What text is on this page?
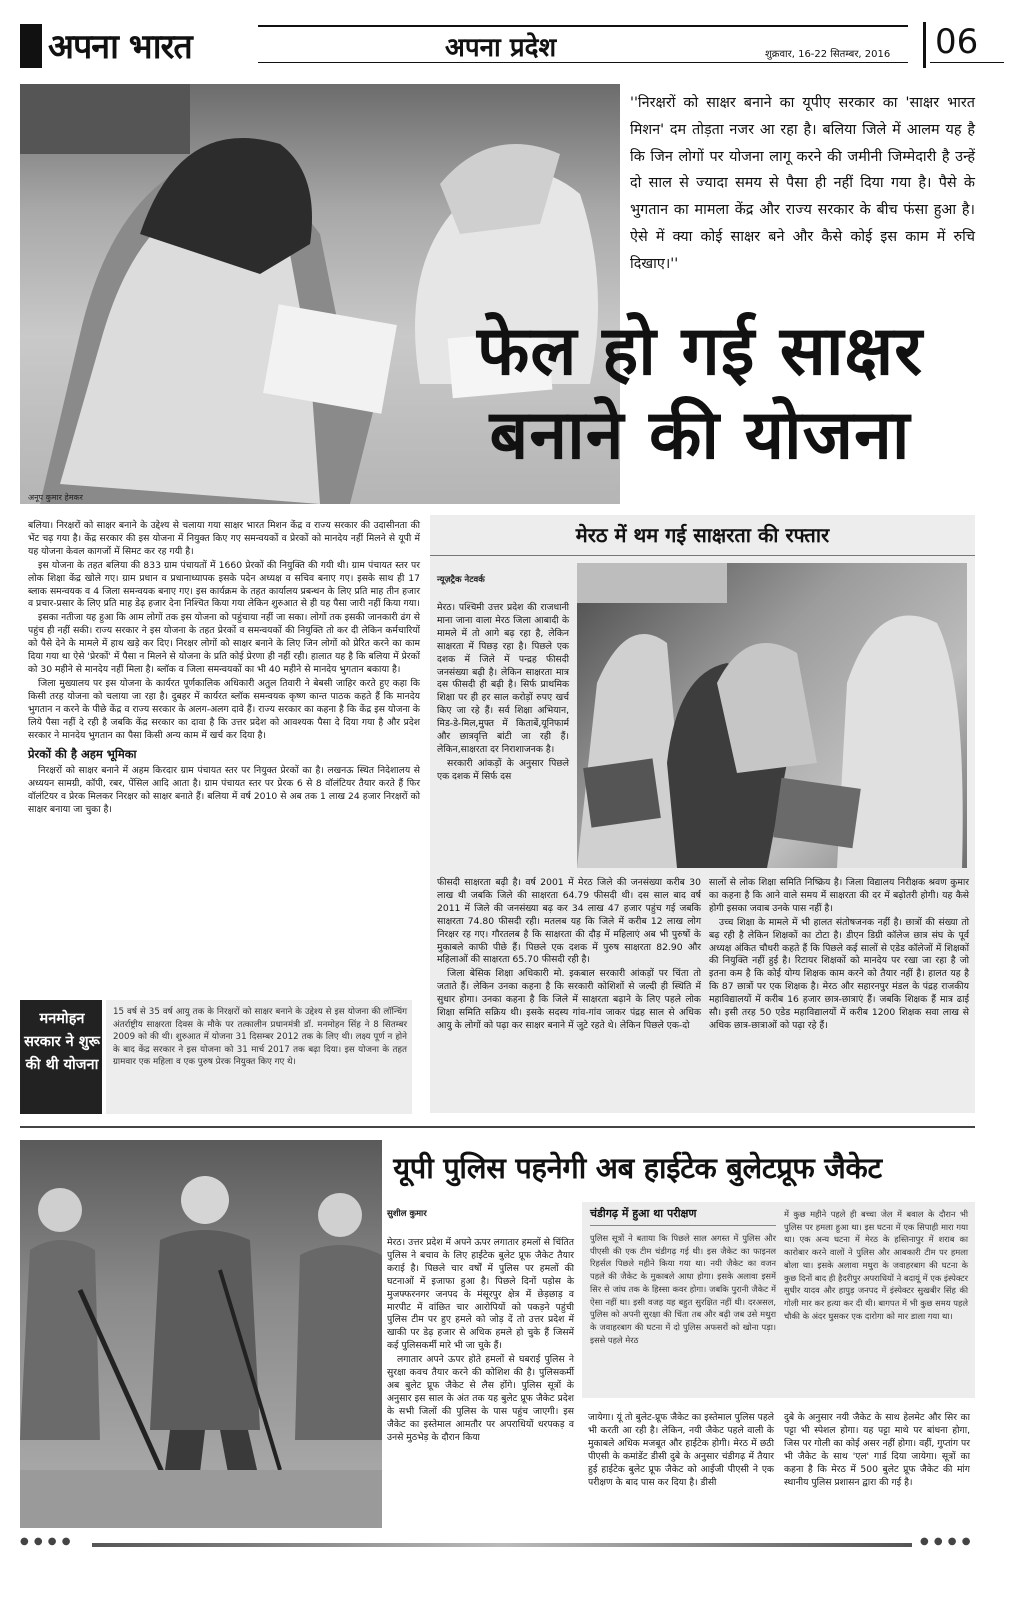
अपना भारत	अपना प्रदेश	शुक्रवार, 16-22 सितम्बर, 2016 06
अनूप कुमार हेमकर
''निरक्षरों को साक्षर बनाने का यूपीए सरकार का 'साक्षर भारत मिशन' दम तोड़ता नजर आ रहा है। बलिया जिले में आलम यह है कि जिन लोगों पर योजना लागू करने की जमीनी जिम्मेदारी है उन्हें दो साल से ज्यादा समय से पैसा ही नहीं दिया गया है। पैसे के भुगतान का मामला केंद्र और राज्य सरकार के बीच फंसा हुआ है। ऐसे में क्या कोई साक्षर बने और कैसे कोई इस काम में रुचि दिखाए।''
फेल हो गई साक्षर
बनाने की योजना

बलिया। निरक्षरों को साक्षर बनाने के उद्देश्य से चलाया गया साक्षर भारत मिशन केंद्र व राज्य सरकार की उदासीनता की भेंट चढ़ गया है। केंद्र सरकार की इस योजना में नियुक्त किए गए समन्वयकों व प्रेरकों को मानदेय नहीं मिलने से यूपी में यह योजना केवल कागजों में सिमट कर रह गयी है।

इस योजना के तहत बलिया की 833 ग्राम पंचायतों में 1660 प्रेरकों की नियुक्ति की गयी थी। ग्राम पंचायत स्तर पर लोक शिक्षा केंद्र खोले गए। ग्राम प्रधान व प्रधानाध्यापक इसके पदेन अध्यक्ष व सचिव बनाए गए। इसके साथ ही 17 ब्लाक समन्वयक व 4 जिला समन्वयक बनाए गए। इस कार्यक्रम के तहत कार्यालय प्रबन्धन के लिए प्रति माह तीन हजार व प्रचार-प्रसार के लिए प्रति माह डेढ़ हजार देना निश्चित किया गया लेकिन शुरुआत से ही यह पैसा जारी नहीं किया गया।

इसका नतीजा यह हुआ कि आम लोगों तक इस योजना को पहुंचाया नहीं जा सका। लोगों तक इसकी जानकारी ढंग से पहुंच ही नहीं सकी। राज्य सरकार ने इस योजना के तहत प्रेरकों व समन्वयकों की नियुक्ति तो कर दी लेकिन कर्मचारियों को पैसे देने के मामले में हाथ खड़े कर दिए। निरक्षर लोगों को साक्षर बनाने के लिए जिन लोगों को प्रेरित करने का काम दिया गया था ऐसे 'प्रेरकों' में पैसा न मिलने से योजना के प्रति कोई प्रेरणा ही नहीं रही। हालात यह है कि बलिया में प्रेरकों को 30 महीने से मानदेय नहीं मिला है। ब्लॉक व जिला समन्वयकों का भी 40 महीने से मानदेय भुगतान बकाया है।

जिला मुख्यालय पर इस योजना के कार्यरत पूर्णकालिक अधिकारी अतुल तिवारी ने बेबसी जाहिर करते हुए कहा कि किसी तरह योजना को चलाया जा रहा है। दुबहर में कार्यरत ब्लॉक समन्वयक कृष्ण कान्त पाठक कहते हैं कि मानदेय भुगतान न करने के पीछे केंद्र व राज्य सरकार के अलग-अलग दावे हैं। राज्य सरकार का कहना है कि केंद्र इस योजना के लिये पैसा नहीं दे रही है जबकि केंद्र सरकार का दावा है कि उत्तर प्रदेश को आवश्यक पैसा दे दिया गया है और प्रदेश सरकार ने मानदेय भुगतान का पैसा किसी अन्य काम में खर्च कर दिया है।

प्रेरकों की है अहम भूमिका

निरक्षरों को साक्षर बनाने में अहम किरदार ग्राम पंचायत स्तर पर नियुक्त प्रेरकों का है। लखनऊ स्थित निदेशालय से अध्ययन सामग्री, कॉपी, रबर, पेंसिल आदि आता है। ग्राम पंचायत स्तर पर प्रेरक 6 से 8 वॉलंटियर तैयार करते हैं फिर वॉलंटियर व प्रेरक मिलकर निरक्षर को साक्षर बनाते हैं। बलिया में वर्ष 2010 से अब तक 1 लाख 24 हजार निरक्षरों को साक्षर बनाया जा चुका है।

मनमोहन सरकार ने शुरू की थी योजना
15 वर्ष से 35 वर्ष आयु तक के निरक्षरों को साक्षर बनाने के उद्देश्य से इस योजना की लॉन्चिंग अंतर्राष्ट्रीय साक्षरता दिवस के मौके पर तत्कालीन प्रधानमंत्री डॉ. मनमोहन सिंह ने 8 सितम्बर 2009 को की थी। शुरुआत में योजना 31 दिसम्बर 2012 तक के लिए थी। लक्ष्य पूर्ण न होने के बाद केंद्र सरकार ने इस योजना को 31 मार्च 2017 तक बढ़ा दिया। इस योजना के तहत ग्रामवार एक महिला व एक पुरुष प्रेरक नियुक्त किए गए थे।
मेरठ में थम गई साक्षरता की रफ्तार
न्यूज़ट्रैक नेटवर्क

मेरठ। पश्चिमी उत्तर प्रदेश की राजधानी माना जाना वाला मेरठ जिला आबादी के मामले में तो आगे बढ़ रहा है, लेकिन साक्षरता में पिछड़ रहा है। पिछले एक दशक में जिले में पन्द्रह फीसदी जनसंख्या बढ़ी है। लेकिन साक्षरता मात्र दस फीसदी ही बढ़ी है। सिर्फ प्राथमिक शिक्षा पर ही हर साल करोड़ों रुपए खर्च किए जा रहे हैं। सर्व शिक्षा अभियान, मिड-डे-मिल,मुफ्त में किताबें,यूनिफार्म और छात्रवृत्ति बांटी जा रही हैं। लेकिन,साक्षरता दर निराशाजनक है।

सरकारी आंकड़ों के अनुसार पिछले एक दशक में सिर्फ दस

फीसदी साक्षरता बढ़ी है। वर्ष 2001 में मेरठ जिले की जनसंख्या करीब 30 लाख थी जबकि जिले की साक्षरता 64.79 फीसदी थी। दस साल बाद वर्ष 2011 में जिले की जनसंख्या बढ़ कर 34 लाख 47 हजार पहुंच गई जबकि साक्षरता 74.80 फीसदी रही। मतलब यह कि जिले में करीब 12 लाख लोग निरक्षर रह गए। गौरतलब है कि साक्षरता की दौड़ में महिलाएं अब भी पुरुषों के मुकाबले काफी पीछे हैं। पिछले एक दशक में पुरुष साक्षरता 82.90 और महिलाओं की साक्षरता 65.70 फीसदी रही है।

जिला बेसिक शिक्षा अधिकारी मो. इकबाल सरकारी आंकड़ों पर चिंता तो जताते हैं। लेकिन उनका कहना है कि सरकारी कोशिशों से जल्दी ही स्थिति में सुधार होगा। उनका कहना है कि जिले में साक्षरता बढ़ाने के लिए पहले लोक शिक्षा समिति सक्रिय थी। इसके सदस्य गांव-गांव जाकर पंद्रह साल से अधिक आयु के लोगों को पढ़ा कर साक्षर बनाने में जुटे रहते थे। लेकिन पिछले एक-दो

सालों से लोक शिक्षा समिति निष्क्रिय है। जिला विद्यालय निरीक्षक श्रवण कुमार का कहना है कि आने वाले समय में साक्षरता की दर में बढ़ोतरी होगी। यह कैसे होगी इसका जवाब उनके पास नहीं है।

उच्च शिक्षा के मामले में भी हालत संतोषजनक नहीं है। छात्रों की संख्या तो बढ़ रही है लेकिन शिक्षकों का टोटा है। डीएन डिग्री कॉलेज छात्र संघ के पूर्व अध्यक्ष अंकित चौधरी कहते हैं कि पिछले कई सालों से एडेड कॉलेजों में शिक्षकों की नियुक्ति नहीं हुई है। रिटायर शिक्षकों को मानदेय पर रखा जा रहा है जो इतना कम है कि कोई योग्य शिक्षक काम करने को तैयार नहीं है। हालत यह है कि 87 छात्रों पर एक शिक्षक है। मेरठ और सहारनपुर मंडल के पंद्रह राजकीय महाविद्यालयों में करीब 16 हजार छात्र-छात्राएं हैं। जबकि शिक्षक हैं मात्र ढाई सौ। इसी तरह 50 एडेड महाविद्यालयों में करीब 1200 शिक्षक सवा लाख से अधिक छात्र-छात्राओं को पढ़ा रहे हैं।

यूपी पुलिस पहनेगी अब हाईटेक बुलेटप्रूफ जैकेट
सुशील कुमार

मेरठ। उत्तर प्रदेश में अपने ऊपर लगातार हमलों से चिंतित पुलिस ने बचाव के लिए हाईटेक बुलेट प्रूफ जैकेट तैयार कराई है। पिछले चार वर्षों में पुलिस पर हमलों की घटनाओं में इजाफा हुआ है। पिछले दिनों पड़ोस के मुजफ्फरनगर जनपद के मंसूरपुर क्षेत्र में छेड़छाड़ व मारपीट में वांछित चार आरोपियों को पकड़ने पहुंची पुलिस टीम पर हुए हमले को जोड़ दें तो उत्तर प्रदेश में खाकी पर डेढ़ हजार से अधिक हमले हो चुके हैं जिसमें कई पुलिसकर्मी मारे भी जा चुके हैं।

लगातार अपने ऊपर होते हमलों से घबराई पुलिस ने सुरक्षा कवच तैयार करने की कोशिश की है। पुलिसकर्मी अब बुलेट प्रूफ जैकेट से लैस होंगे। पुलिस सूत्रों के अनुसार इस साल के अंत तक यह बुलेट प्रूफ जैकेट प्रदेश के सभी जिलों की पुलिस के पास पहुंच जाएगी। इस जैकेट का इस्तेमाल आमतौर पर अपराधियों धरपकड़ व उनसे मुठभेड़ के दौरान किया

चंडीगढ़ में हुआ था परीक्षण
पुलिस सूत्रों ने बताया कि पिछले साल अगस्त में पुलिस और पीएसी की एक टीम चंडीगढ़ गई थी। इस जैकेट का फाइनल रिहर्सल पिछले महीने किया गया था। नयी जैकेट का वजन पहले की जैकेट के मुकाबले आधा होगा। इसके अलावा इसमें सिर से जांघ तक के हिस्सा कवर होगा। जबकि पुरानी जैकेट में ऐसा नहीं था। इसी वजह यह बहुत सुरक्षित नहीं थी। दरअसल, पुलिस को अपनी सुरक्षा की चिंता तब और बढ़ी जब उसे मथुरा के जवाहरबाग की घटना में दो पुलिस अफसरों को खोना पड़ा। इससे पहले मेरठ
में कुछ महीने पहले ही बच्चा जेल में बवाल के दौरान भी पुलिस पर हमला हुआ था। इस घटना में एक सिपाही मारा गया था। एक अन्य घटना में मेरठ के हस्तिनापुर में शराब का कारोबार करने वालों ने पुलिस और आबकारी टीम पर हमला बोला था। इसके अलावा मथुरा के जवाहरबाग की घटना के कुछ दिनों बाद ही हैदरीपुर अपराधियों ने बदायूं में एक इंस्पेक्टर सुधीर यादव और हापुड़ जनपद में इंस्पेक्टर सुखबीर सिंह की गोली मार कर हत्या कर दी थी। बागपत में भी कुछ समय पहले चौकी के अंदर घुसकर एक दारोगा को मार डाला गया था।
जायेगा। यूं तो बुलेट-प्रूफ जैकेट का इस्तेमाल पुलिस पहले भी करती आ रही है। लेकिन, नयी जैकेट पहले वाली के मुकाबले अधिक मजबूत और हाईटेक होगी। मेरठ में छठी पीएसी के कमांडेंट डीसी दुबे के अनुसार चंडीगढ़ में तैयार हुई हाईटेक बुलेट प्रूफ जैकेट को आईजी पीएसी ने एक परीक्षण के बाद पास कर दिया है। डीसी
दुबे के अनुसार नयी जैकेट के साथ हेलमेट और सिर का पट्टा भी स्पेशल होगा। यह पट्टा माथे पर बांधना होगा, जिस पर गोली का कोई असर नहीं होगा। वहीं, गुप्तांग पर भी जैकेट के साथ 'एल' गार्ड दिया जायेगा। सूत्रों का कहना है कि मेरठ में 500 बुलेट प्रूफ जैकेट की मांग स्थानीय पुलिस प्रशासन द्वारा की गई है।
● ● ● ●	● ● ● ●
